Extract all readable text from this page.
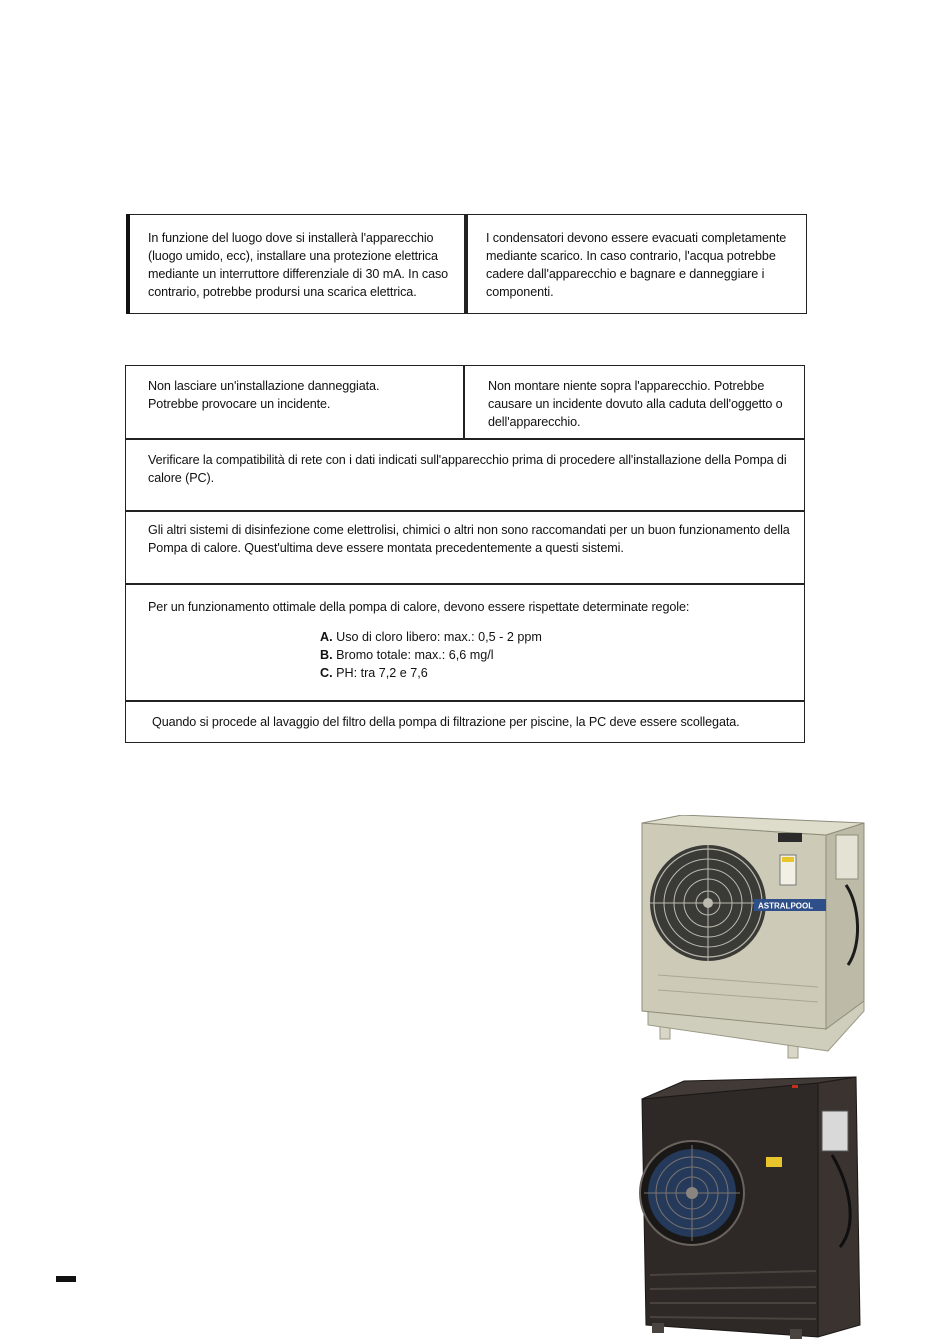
In funzione del luogo dove si installerà l'apparecchio (luogo umido, ecc), installare una protezione elettrica mediante un interruttore differenziale di 30 mA. In caso contrario, potrebbe prodursi una scarica elettrica.
I condensatori devono essere evacuati completamente mediante scarico. In caso contrario, l'acqua potrebbe cadere dall'apparecchio e bagnare e danneggiare i componenti.
Non lasciare un'installazione danneggiata. Potrebbe provocare un incidente.
Non montare niente sopra l'apparecchio. Potrebbe causare un incidente dovuto alla caduta dell'oggetto o dell'apparecchio.
Verificare la compatibilità di rete con i dati indicati sull'apparecchio prima di procedere all'installazione della Pompa di calore (PC).
Gli altri sistemi di disinfezione come elettrolisi, chimici o altri non sono raccomandati per un buon funzionamento della Pompa di calore. Quest'ultima deve essere montata precedentemente a questi sistemi.
Per un funzionamento ottimale della pompa di calore, devono essere rispettate determinate regole:
A. Uso di cloro libero: max.: 0,5 - 2 ppm
B. Bromo totale: max.: 6,6 mg/l
C. PH: tra 7,2 e 7,6
Quando si procede al lavaggio del filtro della pompa di filtrazione per piscine, la PC deve essere scollegata.
ASTRALPOOL
